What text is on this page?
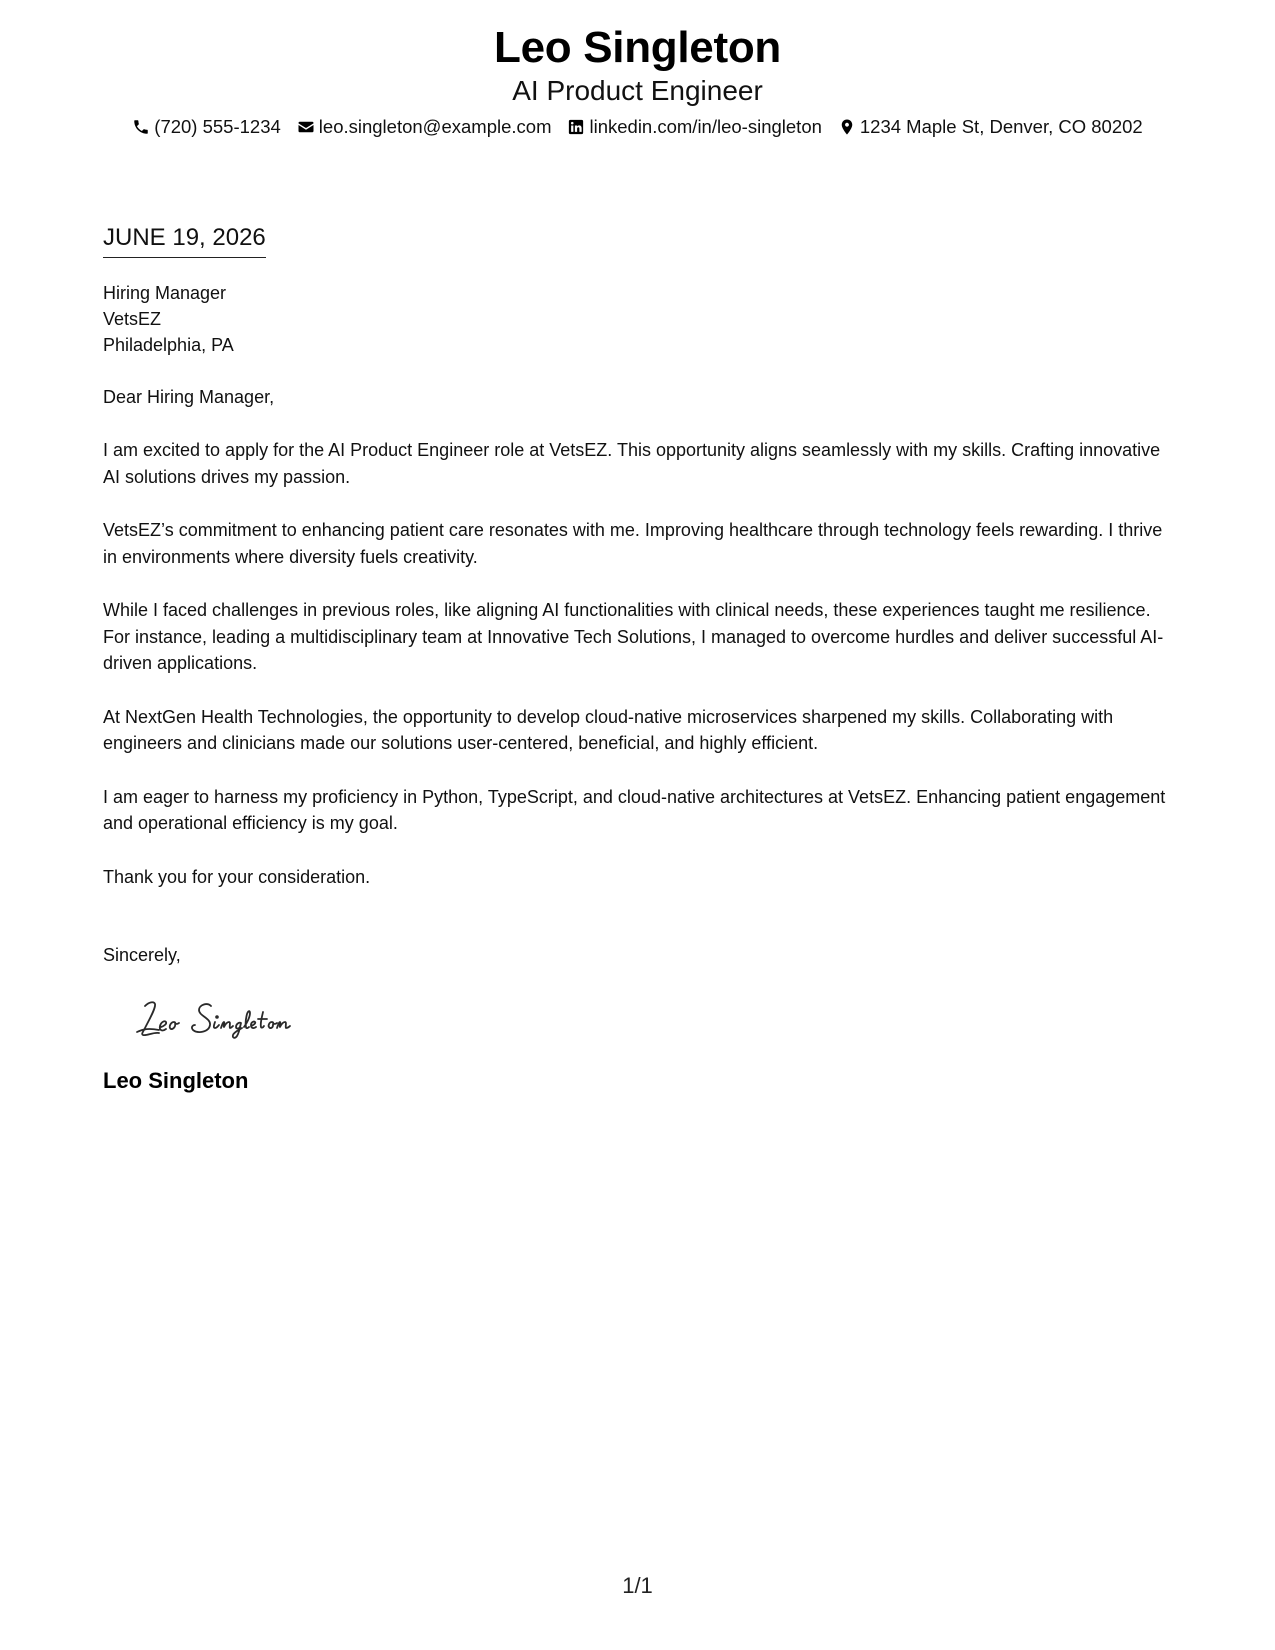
Leo Singleton
AI Product Engineer
(720) 555-1234 leo.singleton@example.com linkedin.com/in/leo-singleton 1234 Maple St, Denver, CO 80202
JUNE 19, 2026
Hiring Manager
VetsEZ
Philadelphia, PA
Dear Hiring Manager,

I am excited to apply for the AI Product Engineer role at VetsEZ. This opportunity aligns seamlessly with my skills. Crafting innovative AI solutions drives my passion.

VetsEZ’s commitment to enhancing patient care resonates with me. Improving healthcare through technology feels rewarding. I thrive in environments where diversity fuels creativity.

While I faced challenges in previous roles, like aligning AI functionalities with clinical needs, these experiences taught me resilience. For instance, leading a multidisciplinary team at Innovative Tech Solutions, I managed to overcome hurdles and deliver successful AI-driven applications.

At NextGen Health Technologies, the opportunity to develop cloud-native microservices sharpened my skills. Collaborating with engineers and clinicians made our solutions user-centered, beneficial, and highly efficient.

I am eager to harness my proficiency in Python, TypeScript, and cloud-native architectures at VetsEZ. Enhancing patient engagement and operational efficiency is my goal.

Thank you for your consideration.

Sincerely,
Leo Singleton
1/1
